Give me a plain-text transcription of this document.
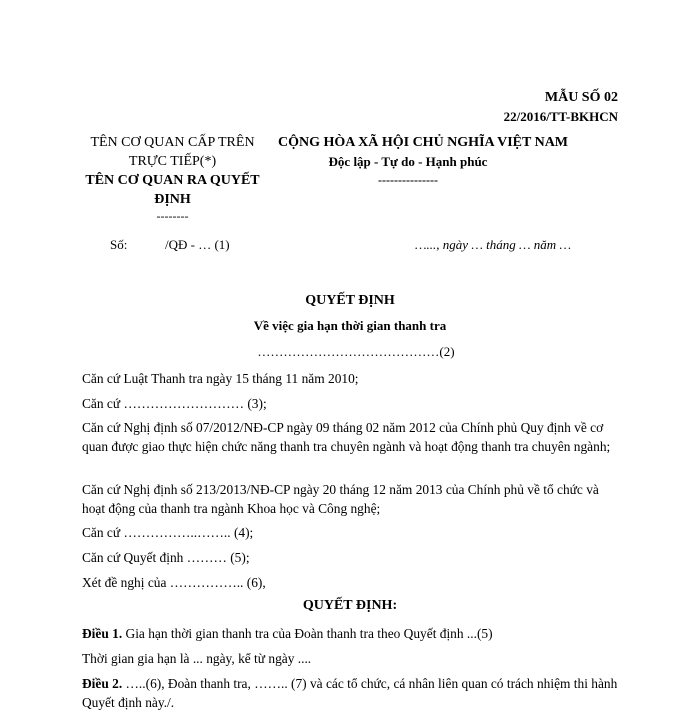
MẪU SỐ 02
22/2016/TT-BKHCN
TÊN CƠ QUAN CẤP TRÊN
TRỰC TIẾP(*)
TÊN CƠ QUAN RA QUYẾT
ĐỊNH
--------
CỘNG HÒA XÃ HỘI CHỦ NGHĨA VIỆT NAM
Độc lập - Tự do - Hạnh phúc
---------------
Số:	/QĐ - … (1)	…..., ngày … tháng … năm …
QUYẾT ĐỊNH
Về việc gia hạn thời gian thanh tra
……………………………………(2)
Căn cứ Luật Thanh tra ngày 15 tháng 11 năm 2010;
Căn cứ ……………………… (3);
Căn cứ Nghị định số 07/2012/NĐ-CP ngày 09 tháng 02 năm 2012 của Chính phủ Quy định về cơ quan được giao thực hiện chức năng thanh tra chuyên ngành và hoạt động thanh tra chuyên ngành;
Căn cứ Nghị định số 213/2013/NĐ-CP ngày 20 tháng 12 năm 2013 của Chính phủ về tổ chức và hoạt động của thanh tra ngành Khoa học và Công nghệ;
Căn cứ ……………..…….. (4);
Căn cứ Quyết định ……… (5);
Xét đề nghị của …………….. (6),
QUYẾT ĐỊNH:
Điều 1. Gia hạn thời gian thanh tra của Đoàn thanh tra theo Quyết định ...(5)
Thời gian gia hạn là ... ngày, kể từ ngày ....
Điều 2. …..(6), Đoàn thanh tra, …….. (7) và các tổ chức, cá nhân liên quan có trách nhiệm thi hành Quyết định này./.
